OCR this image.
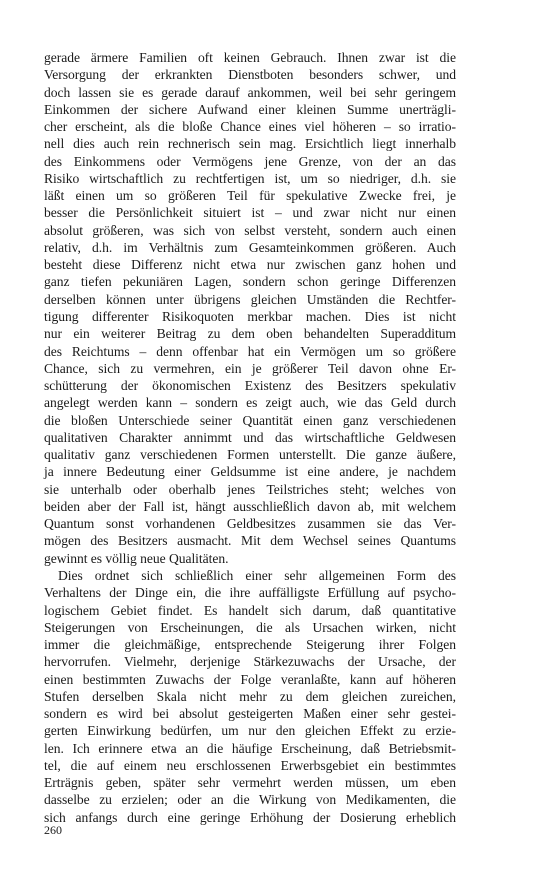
gerade ärmere Familien oft keinen Gebrauch. Ihnen zwar ist die
Versorgung der erkrankten Dienstboten besonders schwer, und
doch lassen sie es gerade darauf ankommen, weil bei sehr geringem
Einkommen der sichere Aufwand einer kleinen Summe unerträgli-
cher erscheint, als die bloße Chance eines viel höheren – so irratio-
nell dies auch rein rechnerisch sein mag. Ersichtlich liegt innerhalb
des Einkommens oder Vermögens jene Grenze, von der an das
Risiko wirtschaftlich zu rechtfertigen ist, um so niedriger, d.h. sie
läßt einen um so größeren Teil für spekulative Zwecke frei, je
besser die Persönlichkeit situiert ist – und zwar nicht nur einen
absolut größeren, was sich von selbst versteht, sondern auch einen
relativ, d.h. im Verhältnis zum Gesamteinkommen größeren. Auch
besteht diese Differenz nicht etwa nur zwischen ganz hohen und
ganz tiefen pekuniären Lagen, sondern schon geringe Differenzen
derselben können unter übrigens gleichen Umständen die Rechtfer-
tigung differenter Risikoquoten merkbar machen. Dies ist nicht
nur ein weiterer Beitrag zu dem oben behandelten Superadditum
des Reichtums – denn offenbar hat ein Vermögen um so größere
Chance, sich zu vermehren, ein je größerer Teil davon ohne Er-
schütterung der ökonomischen Existenz des Besitzers spekulativ
angelegt werden kann – sondern es zeigt auch, wie das Geld durch
die bloßen Unterschiede seiner Quantität einen ganz verschiedenen
qualitativen Charakter annimmt und das wirtschaftliche Geldwesen
qualitativ ganz verschiedenen Formen unterstellt. Die ganze äußere,
ja innere Bedeutung einer Geldsumme ist eine andere, je nachdem
sie unterhalb oder oberhalb jenes Teilstriches steht; welches von
beiden aber der Fall ist, hängt ausschließlich davon ab, mit welchem
Quantum sonst vorhandenen Geldbesitzes zusammen sie das Ver-
mögen des Besitzers ausmacht. Mit dem Wechsel seines Quantums
gewinnt es völlig neue Qualitäten.
Dies ordnet sich schließlich einer sehr allgemeinen Form des
Verhaltens der Dinge ein, die ihre auffälligste Erfüllung auf psycho-
logischem Gebiet findet. Es handelt sich darum, daß quantitative
Steigerungen von Erscheinungen, die als Ursachen wirken, nicht
immer die gleichmäßige, entsprechende Steigerung ihrer Folgen
hervorrufen. Vielmehr, derjenige Stärkezuwachs der Ursache, der
einen bestimmten Zuwachs der Folge veranlaßte, kann auf höheren
Stufen derselben Skala nicht mehr zu dem gleichen zureichen,
sondern es wird bei absolut gesteigerten Maßen einer sehr gestei-
gerten Einwirkung bedürfen, um nur den gleichen Effekt zu erzie-
len. Ich erinnere etwa an die häufige Erscheinung, daß Betriebsmit-
tel, die auf einem neu erschlossenen Erwerbsgebiet ein bestimmtes
Erträgnis geben, später sehr vermehrt werden müssen, um eben
dasselbe zu erzielen; oder an die Wirkung von Medikamenten, die
sich anfangs durch eine geringe Erhöhung der Dosierung erheblich
260
